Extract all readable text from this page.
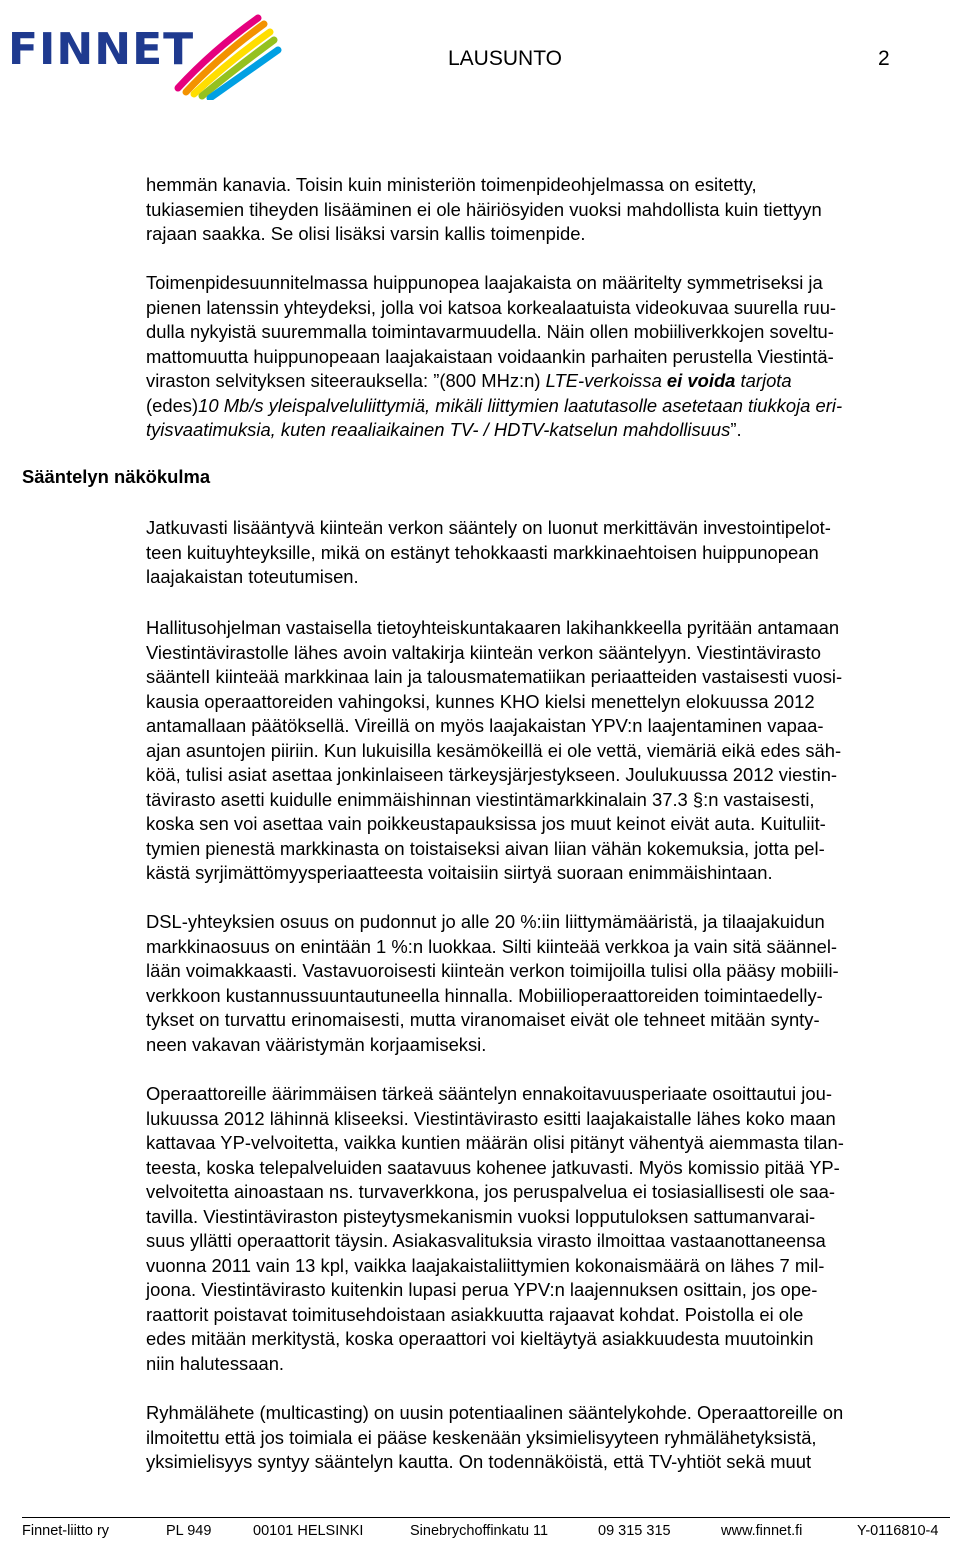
FINNET	LAUSUNTO	2
Sääntelyn näkökulma

hemmän kanavia. Toisin kuin ministeriön toimenpideohjelmassa on esitetty,

tukiasemien tiheyden lisääminen ei ole häiriösyiden vuoksi mahdollista kuin tiettyyn

rajaan saakka. Se olisi lisäksi varsin kallis toimenpide.

Toimenpidesuunnitelmassa huippunopea laajakaista on määritelty symmetriseksi ja

pienen latenssin yhteydeksi, jolla voi katsoa korkealaatuista videokuvaa suurella ruu-

dulla nykyistä suuremmalla toimintavarmuudella. Näin ollen mobiiliverkkojen soveltu-

mattomuutta huippunopeaan laajakaistaan voidaankin parhaiten perustella Viestintä-

viraston selvityksen siteerauksella: ”(800 MHz:n) LTE-verkoissa ei voida tarjota

(edes)10 Mb/s yleispalveluliittymiä, mikäli liittymien laatutasolle asetetaan tiukkoja eri-

tyisvaatimuksia, kuten reaaliaikainen TV- / HDTV-katselun mahdollisuus”.

Jatkuvasti lisääntyvä kiinteän verkon sääntely on luonut merkittävän investointipelot-

teen kuituyhteyksille, mikä on estänyt tehokkaasti markkinaehtoisen huippunopean

laajakaistan toteutumisen.

Hallitusohjelman vastaisella tietoyhteiskuntakaaren lakihankkeella pyritään antamaan

Viestintävirastolle lähes avoin valtakirja kiinteän verkon sääntelyyn. Viestintävirasto

sääntelI kiinteää markkinaa lain ja talousmatematiikan periaatteiden vastaisesti vuosi-

kausia operaattoreiden vahingoksi, kunnes KHO kielsi menettelyn elokuussa 2012

antamallaan päätöksellä. Vireillä on myös laajakaistan YPV:n laajentaminen vapaa-

ajan asuntojen piiriin. Kun lukuisilla kesämökeillä ei ole vettä, viemäriä eikä edes säh-

köä, tulisi asiat asettaa jonkinlaiseen tärkeysjärjestykseen. Joulukuussa 2012 viestin-

tävirasto asetti kuidulle enimmäishinnan viestintämarkkinalain 37.3 §:n vastaisesti,

koska sen voi asettaa vain poikkeustapauksissa jos muut keinot eivät auta. Kuituliit-

tymien pienestä markkinasta on toistaiseksi aivan liian vähän kokemuksia, jotta pel-

kästä syrjimättömyysperiaatteesta voitaisiin siirtyä suoraan enimmäishintaan.

DSL-yhteyksien osuus on pudonnut jo alle 20 %:iin liittymämääristä, ja tilaajakuidun

markkinaosuus on enintään 1 %:n luokkaa. Silti kiinteää verkkoa ja vain sitä säännel-

lään voimakkaasti. Vastavuoroisesti kiinteän verkon toimijoilla tulisi olla pääsy mobiili-

verkkoon kustannussuuntautuneella hinnalla. Mobiilioperaattoreiden toimintaedelly-

tykset on turvattu erinomaisesti, mutta viranomaiset eivät ole tehneet mitään synty-

neen vakavan vääristymän korjaamiseksi.

Operaattoreille äärimmäisen tärkeä sääntelyn ennakoitavuusperiaate osoittautui jou-

lukuussa 2012 lähinnä kliseeksi. Viestintävirasto esitti laajakaistalle lähes koko maan

kattavaa YP-velvoitetta, vaikka kuntien määrän olisi pitänyt vähentyä aiemmasta tilan-

teesta, koska telepalveluiden saatavuus kohenee jatkuvasti. Myös komissio pitää YP-

velvoitetta ainoastaan ns. turvaverkkona, jos peruspalvelua ei tosiasiallisesti ole saa-

tavilla. Viestintäviraston pisteytysmekanismin vuoksi lopputuloksen sattumanvarai-

suus yllätti operaattorit täysin. Asiakasvalituksia virasto ilmoittaa vastaanottaneensa

vuonna 2011 vain 13 kpl, vaikka laajakaistaliittymien kokonaismäärä on lähes 7 mil-

joona. Viestintävirasto kuitenkin lupasi perua YPV:n laajennuksen osittain, jos ope-

raattorit poistavat toimitusehdoistaan asiakkuutta rajaavat kohdat. Poistolla ei ole

edes mitään merkitystä, koska operaattori voi kieltäytyä asiakkuudesta muutoinkin

niin halutessaan.

Ryhmälähete (multicasting) on uusin potentiaalinen sääntelykohde. Operaattoreille on

ilmoitettu että jos toimiala ei pääse keskenään yksimielisyyteen ryhmälähetyksistä,

yksimielisyys syntyy sääntelyn kautta. On todennäköistä, että TV-yhtiöt sekä muut

Finnet-liitto ry	PL 949	00101 HELSINKI	Sinebrychoffinkatu 11	09 315 315	www.finnet.fi	Y-0116810-4
